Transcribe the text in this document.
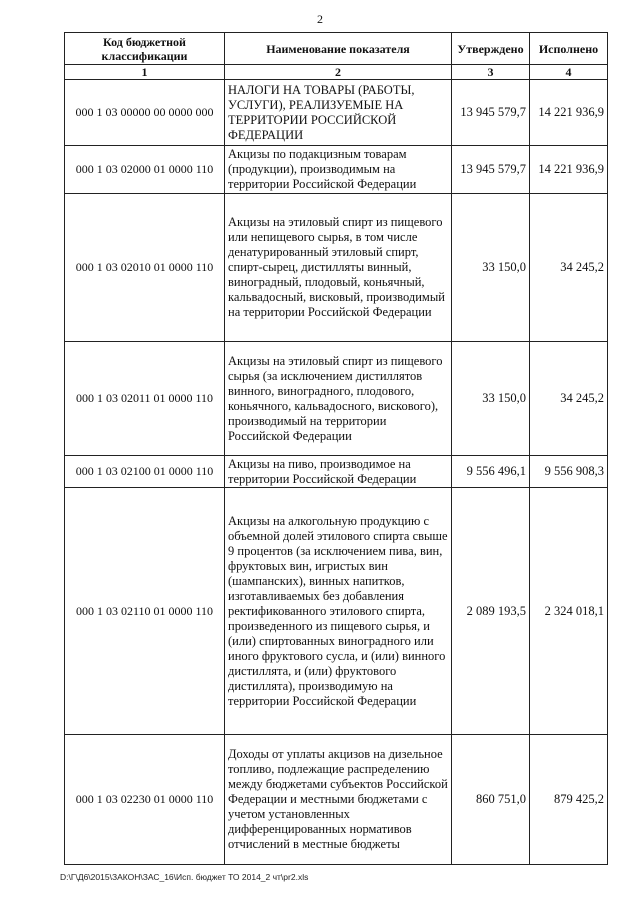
2
Код бюджетной классификации	Наименование показателя	Утверждено	Исполнено
1	2	3	4
000 1 03 00000 00 0000 000	НАЛОГИ НА ТОВАРЫ (РАБОТЫ, УСЛУГИ), РЕАЛИЗУЕМЫЕ НА ТЕРРИТОРИИ РОССИЙСКОЙ ФЕДЕРАЦИИ	13 945 579,7	14 221 936,9
000 1 03 02000 01 0000 110	Акцизы по подакцизным товарам (продукции), производимым на территории Российской Федерации	13 945 579,7	14 221 936,9
000 1 03 02010 01 0000 110	Акцизы на этиловый спирт из пищевого или непищевого сырья, в том числе денатурированный этиловый спирт, спирт-сырец, дистилляты винный, виноградный, плодовый, коньячный, кальвадосный, висковый, производимый на территории Российской Федерации	33 150,0	34 245,2
000 1 03 02011 01 0000 110	Акцизы на этиловый спирт из пищевого сырья (за исключением дистиллятов винного, виноградного, плодового, коньячного, кальвадосного, вискового), производимый на территории Российской Федерации	33 150,0	34 245,2
000 1 03 02100 01 0000 110	Акцизы на пиво, производимое на территории Российской Федерации	9 556 496,1	9 556 908,3
000 1 03 02110 01 0000 110	Акцизы на алкогольную продукцию с объемной долей этилового спирта свыше 9 процентов (за исключением пива, вин, фруктовых вин, игристых вин (шампанских), винных напитков, изготавливаемых без добавления ректификованного этилового спирта, произведенного из пищевого сырья, и (или) спиртованных виноградного или иного фруктового сусла, и (или) винного дистиллята, и (или) фруктового дистиллята), производимую на территории Российской Федерации	2 089 193,5	2 324 018,1
000 1 03 02230 01 0000 110	Доходы от уплаты акцизов на дизельное топливо, подлежащие распределению между бюджетами субъектов Российской Федерации и местными бюджетами с учетом установленных дифференцированных нормативов отчислений в местные бюджеты	860 751,0	879 425,2
D:\Г\Д6\2015\ЗАКОН\ЗАС_16\Исп. бюджет ТО 2014_2 чт\pr2.xls
